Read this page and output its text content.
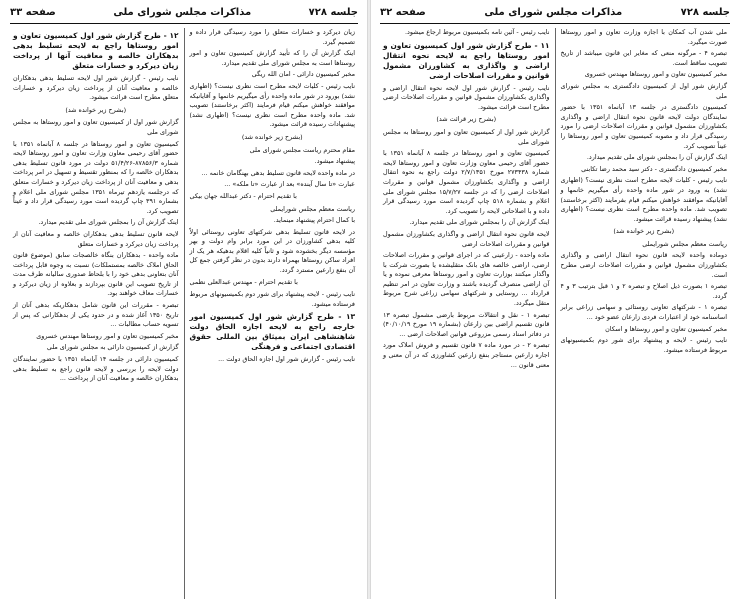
جلسه ۷۲۸
مذاکرات مجلس شورای ملی
صفحه ۳۳

زیان دیرکرد و خسارات متعلق را مورد رسیدگی قرار داده و تصمیم گیرد.

اینک گزارش آن را که تأیید گزارش کمیسیون تعاون و امور روستاها است به مجلس شورای ملی تقدیم میدارد.

مخبر کمیسیون دارائی - امان الله ریگی

نایب رئیس - کلیات لایحه مطرح است نظری نیست؟ (اظهاری نشد) بورود در شور ماده واحده رأی میگیریم خانمها و آقایانیکه موافقند خواهش میکنم قیام فرمایند (اکثر برخاستند) تصویب شد. ماده واحده مطرح است نظری نیست؟ (اظهاری نشد) پیشنهادات رسیده قرائت میشود.

(بشرح زیر خوانده شد)

مقام محترم ریاست مجلس شورای ملی

پیشنهاد میشود.

در ماده واحده لایحه قانون تسلیط بدهی بهنگامان خانمه ...

عبارت «تا سال آینده» بعد از عبارت «تا ملکه» ...

با تقدیم احترام - دکتر عبدالله جهان بیکی

ریاست معظم مجلس شورایملی

با کمال احترام پیشنهاد مینماید.

در لایحه قانون تسلیط بدهی شرکتهای تعاونی روستائی اولاً کلیه بدهی کشاورزان در این مورد برابر وام دولت و بهر مؤسسه دیگر بخشوده شود و ثانیاً کلیه اقلام بدهیکه هر یک از افراد ساکن روستاها بهمراه دارند بدون در نظر گرفتن جمع کل آن بنفع زارعین مسترد گردد.

با تقدیم احترام - مهندس عبدالعلی نظمی

نایب رئیس - لایحه پیشنهاد برای شور دوم بکمیسیونهای مربوط فرستاده میشود.

۱۳ - طرح گزارش شور اول کمیسیون امور خارجه راجع به لایحه اجازه الحاق دولت شاهنشاهی ایران بمیثاق بین المللی حقوق اقتصادی اجتماعی و فرهنگی

نایب رئیس - گزارش شور اول اجازه الحاق دولت ...

۱۲ - طرح گزارش شور اول کمیسیون تعاون و امور روستاها راجع به لایحه تسلیط بدهی بدهکاران خالصه و معافیت آنها از پرداخت زیان دیرکرد و خسارات متعلق

نایب رئیس - گزارش شور اول لایحه تسلیط بدهی بدهکاران خالصه و معافیت آنان از پرداخت زیان دیرکرد و خسارات متعلق مطرح است قرائت میشود.

(بشرح زیر خوانده شد)

گزارش شور اول از کمیسیون تعاون و امور روستاها به مجلس شورای ملی

کمیسیون تعاون و امور روستاها در جلسه ۸ آبانماه ۱۳۵۱ با حضور آقای رحیمی معاون وزارت تعاون و امور روستاها لایحه شماره ۸۷۸۵۶/۳-۵۱/۴/۲۶ دولت در مورد قانون تسلیط بدهی بدهکاران خالصه را که بمنظور تقسیط و تسهیل در امر پرداخت بدهی و معافیت آنان از پرداخت زیان دیرکرد و خسارات متعلق که درجلسه یازدهم تیرماه ۱۳۵۱ مجلس شورای ملی اعلام و بشماره ۳۹۱ چاپ گردیده است مورد رسیدگی قرار داد و عیناً تصویب کرد.

اینک گزارش آن را بمجلس شورای ملی تقدیم میدارد.

لایحه قانون تسلیط بدهی بدهکاران خالصه و معافیت آنان از پرداخت زیان دیرکرد و خسارات متعلق

ماده واحده - بدهکاران بنگاه خالصجات سابق (موضوع قانون الحاق املاک خالصه بمستملکات) نسبت به وجوه قابل پرداخت آنان بتعاونی بدهی خود را با بلحاظ صدوری سالیانه ظرف مدت از تاریخ تصویب این قانون بپردازند و بعلاوه از زیان دیرکرد و خسارات معاف خواهند بود.

تبصره - مقررات این قانون شامل بدهکاریکه بدهی آنان از تاریخ ۱۳۵۰ آغاز شده و در حدود یکی از بدهکارانی که پس از تسویه حساب مطالبات ...

مخبر کمیسیون تعاون و امور روستاها مهندس خسروی

گزارش از کمیسیون دارائی به مجلس شورای ملی

کمیسیون دارائی در جلسه ۱۴ آبانماه ۱۳۵۱ با حضور نمایندگان دولت لایحه را بررسی و لایحه قانون راجع به تسلیط بدهی بدهکاران خالصه و معافیت آنان از پرداخت ...

جلسه ۷۲۸
مذاکرات مجلس شورای ملی
صفحه ۳۲

ملی شدن آب کمکان با اجازه وزارت تعاون و امور روستاها صورت میگیرد.

تبصره ۴ - مرگونه منعی که مغایر این قانون میباشد از تاریخ تصویب ساقط است.

مخبر کمیسیون تعاون و امور روستاها مهندس خسروی

گزارش شور اول از کمیسیون دادگستری به مجلس شورای ملی

کمیسیون دادگستری در جلسه ۱۳ آبانماه ۱۳۵۱ با حضور نمایندگان دولت لایحه قانون نحوه انتقال اراضی و واگذاری بکشاورزان مشمول قوانین و مقررات اصلاحات ارضی را مورد رسیدگی قرار داد و مصوبه کمیسیون تعاون و امور روستاها را عیناً تصویب کرد.

اینک گزارش آن را بمجلس شورای ملی تقدیم میدارد.

مخبر کمیسیون دادگستری - دکتر سید محمد رضا تکابنی

نایب رئیس - کلیات لایحه مطرح است نظری نیست؟ (اظهاری نشد) به ورود در شور ماده واحده رأی میگیریم خانمها و آقایانیکه موافقند خواهش میکنم قیام بفرمایند (اکثر برخاستند) تصویب شد. ماده واحده مطرح است نظری نیست؟ (اظهاری نشد) پیشنهاد رسیده قرائت میشود.

(بشرح زیر خوانده شد)

ریاست معظم مجلس شورایملی

دوماده واحده لایحه قانون نحوه انتقال اراضی و واگذاری بکشاورزان مشمول قوانین و مقررات اصلاحات ارضی مطرح است.

تبصره ۱ بصورت ذیل اصلاح و تبصره ۲ و ۱ قبل بترتیب ۳ و ۴ گردد.

تبصره ۱ - شرکتهای تعاونی روستائی و سهامی زراعی برابر اساسنامه خود از اعتبارات فردی زارعان عضو خود ...

مخبر کمیسیون تعاون و امور روستاها و اسکان

نایب رئیس - لایحه و پیشنهاد برای شور دوم بکمیسیونهای مربوط فرستاده میشود.

نایب رئیس - آئین نامه بکمیسیون مربوط ارجاع میشود.

۱۱ - طرح گزارش شور اول کمیسیون تعاون و امور روستاها راجع به لایحه نحوه انتقال اراضی و واگذاری به کشاورزان مشمول قوانین و مقررات اصلاحات ارضی

نایب رئیس - گزارش شور اول لایحه نحوه انتقال اراضی و واگذاری بکشاورزان مشمول قوانین و مقررات اصلاحات ارضی مطرح است قرائت میشود.

(بشرح زیر قرائت شد)

گزارش شور اول از کمیسیون تعاون و امور روستاها به مجلس شورای ملی

کمیسیون تعاون و امور روستاها در جلسه ۸ آبانماه ۱۳۵۱ با حضور آقای رحیمی معاون وزارت تعاون و امور روستاها لایحه شماره ۲۷۳۴۳۸ مورخ ۲/۷/۱۳۵۱ دولت راجع به نحوه انتقال اراضی و واگذاری بکشاورزان مشمول قوانین و مقررات اصلاحات ارضی را که در جلسه ۱۵/۷/۲۷ مجلس شورای ملی اعلام و بشماره ۵۱۸ چاپ گردیده است مورد رسیدگی قرار داده و با اصلاحاتی لایحه را تصویب کرد.

اینک گزارش آن را بمجلس شورای ملی تقدیم میدارد.

لایحه قانون نحوه انتقال اراضی و واگذاری بکشاورزان مشمول قوانین و مقررات اصلاحات ارضی

ماده واحده - زارعینی که در اجرای قوانین و مقررات اصلاحات ارضی، اراضی خالصه های بانک متقلیشده یا بصورت شرکت با واگذار میکنند بوزارت تعاون و امور روستاها معرفی نموده و یا آن اراضی منصرف گردیده باشند و وزارت تعاون در امر تنظیم قرارداد ... روستایی و شرکتهای سهامی زراعی شرح مربوط متقل میگردد.

تبصره ۱ - نقل و انتقالات مربوط بارضی مشمول تبصره ۱۳ قانون تقسیم اراضی بین زارعان (بشماره ۱۹ مورخ ۴۰/۱۰/۱۹) در دفاتر اسناد رسمی مزروعی قوانین اصلاحات ارضی ...

تبصره ۲ - در مورد ماده ۷ قانون تقسیم و فروش املاک مورد اجاره زارعین مستاجر بنفع زارعین کشاورزی که در آن معنی و معنی قانون ...
